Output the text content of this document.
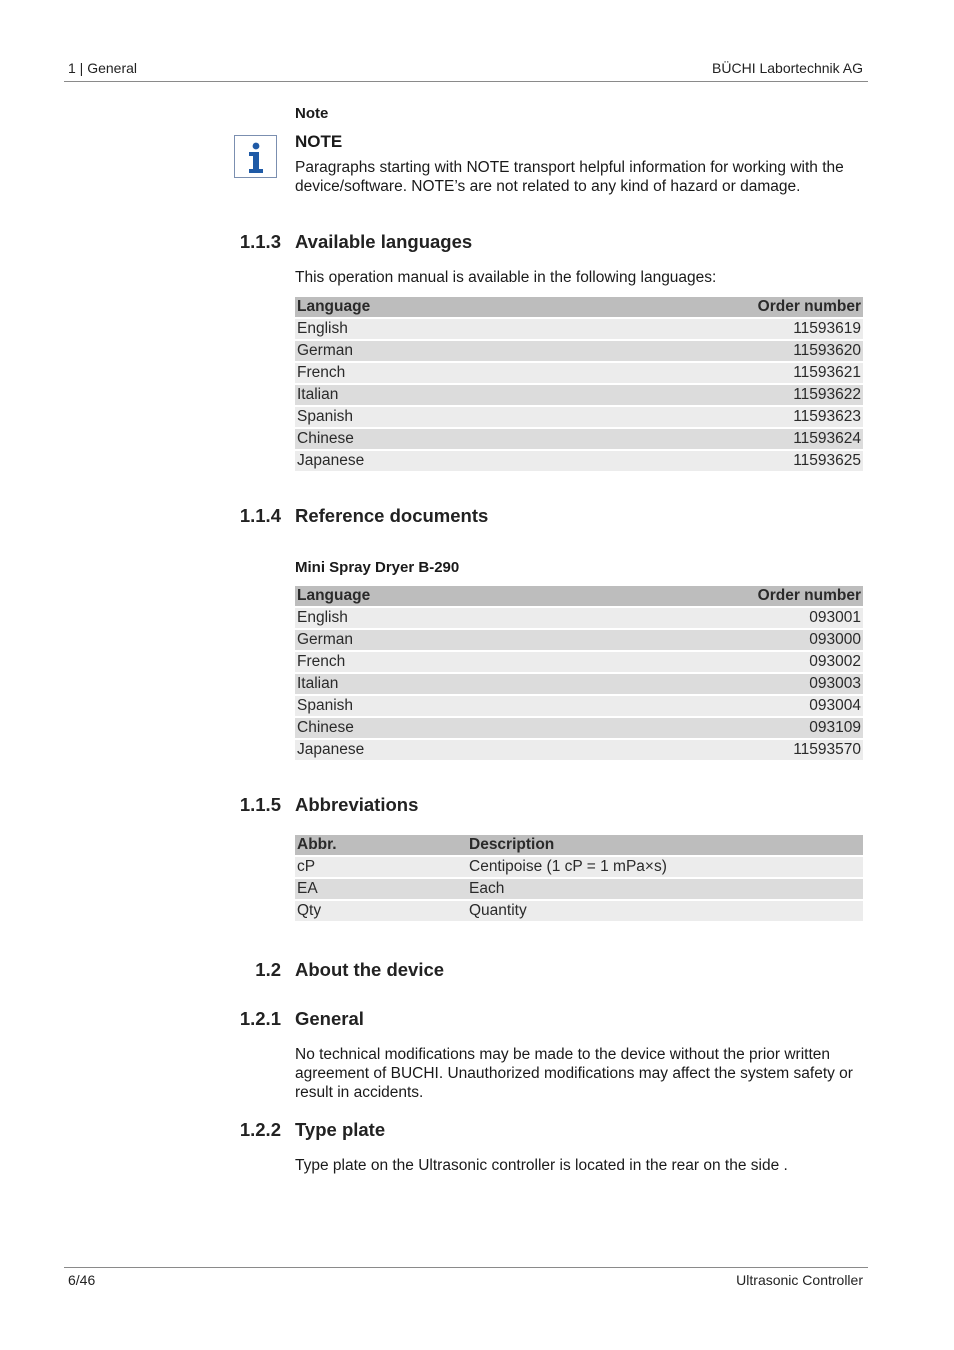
1 | General	BÜCHI Labortechnik AG
Note
NOTE
Paragraphs starting with NOTE transport helpful information for working with the device/software. NOTE’s are not related to any kind of hazard or damage.
1.1.3 Available languages
This operation manual is available in the following languages:
Language	Order number
English	11593619
German	11593620
French	11593621
Italian	11593622
Spanish	11593623
Chinese	11593624
Japanese	11593625
1.1.4 Reference documents
Mini Spray Dryer B-290
Language	Order number
English	093001
German	093000
French	093002
Italian	093003
Spanish	093004
Chinese	093109
Japanese	11593570
1.1.5 Abbreviations
Abbr.	Description
cP	Centipoise (1 cP = 1 mPa×s)
EA	Each
Qty	Quantity
1.2 About the device
1.2.1 General
No technical modifications may be made to the device without the prior written agreement of BUCHI. Unauthorized modifications may affect the system safety or result in accidents.
1.2.2 Type plate
Type plate on the Ultrasonic controller is located in the rear on the side .
6/46	Ultrasonic Controller
